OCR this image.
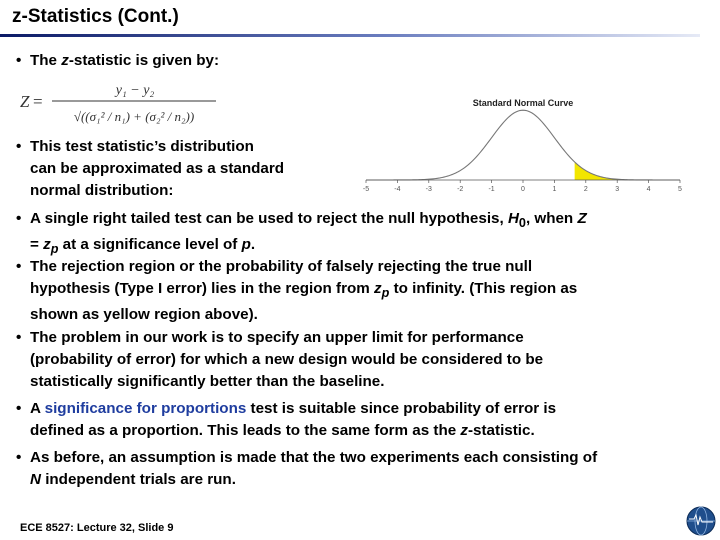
z-Statistics (Cont.)
• The z-statistic is given by:
Z =
y₁ − y₂
√((σ₁² / n₁) + (σ₂² / n₂))
Standard Normal Curve
-5	-4	-3	-2	-1	0	1	2	3	4	5
• This test statistic’s distribution
can be approximated as a standard
normal distribution:
• A single right tailed test can be used to reject the null hypothesis, $H_0$, when Z
= $z_p$ at a significance level of p.
• The rejection region or the probability of falsely rejecting the true null
hypothesis (Type I error) lies in the region from $z_p$ to infinity. (This region as
shown as yellow region above).
• The problem in our work is to specify an upper limit for performance
(probability of error) for which a new design would be considered to be
statistically significantly better than the baseline.
• A significance for proportions test is suitable since probability of error is
defined as a proportion. This leads to the same form as the z-statistic.
• As before, an assumption is made that the two experiments each consisting of
N independent trials are run.
ECE 8527: Lecture 32, Slide 9
